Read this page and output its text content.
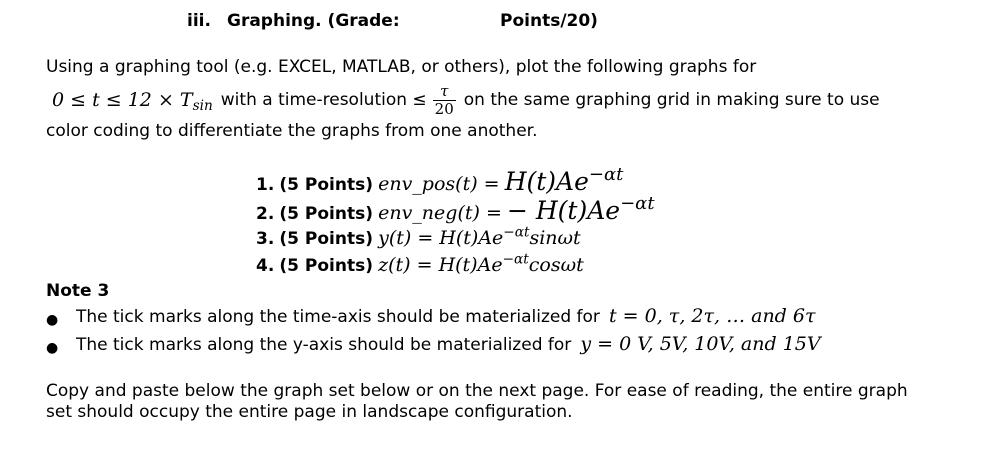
iii. Graphing. (Grade:	Points/20)
Using a graphing tool (e.g. EXCEL, MATLAB, or others), plot the following graphs for
$0 \le t \le 12 \times T_{sin}$ with a time-resolution ≤ $\frac{\tau}{20}$ on the same graphing grid in making sure to use
color coding to differentiate the graphs from one another.
1. (5 Points) env_pos(t) = $H(t)Ae^{-\alpha t}$
2. (5 Points) env_neg(t) = − $H(t)Ae^{-\alpha t}$
3. (5 Points) $y(t) = H(t)Ae^{-\alpha t}\sin\omega t$
4. (5 Points) $z(t) = H(t)Ae^{-\alpha t}\cos\omega t$
Note 3
● The tick marks along the time-axis should be materialized for t = 0, τ, 2τ, … and 6τ
● The tick marks along the y-axis should be materialized for y = 0 V, 5V, 10V, and 15V
Copy and paste below the graph set below or on the next page. For ease of reading, the entire graph
set should occupy the entire page in landscape configuration.
